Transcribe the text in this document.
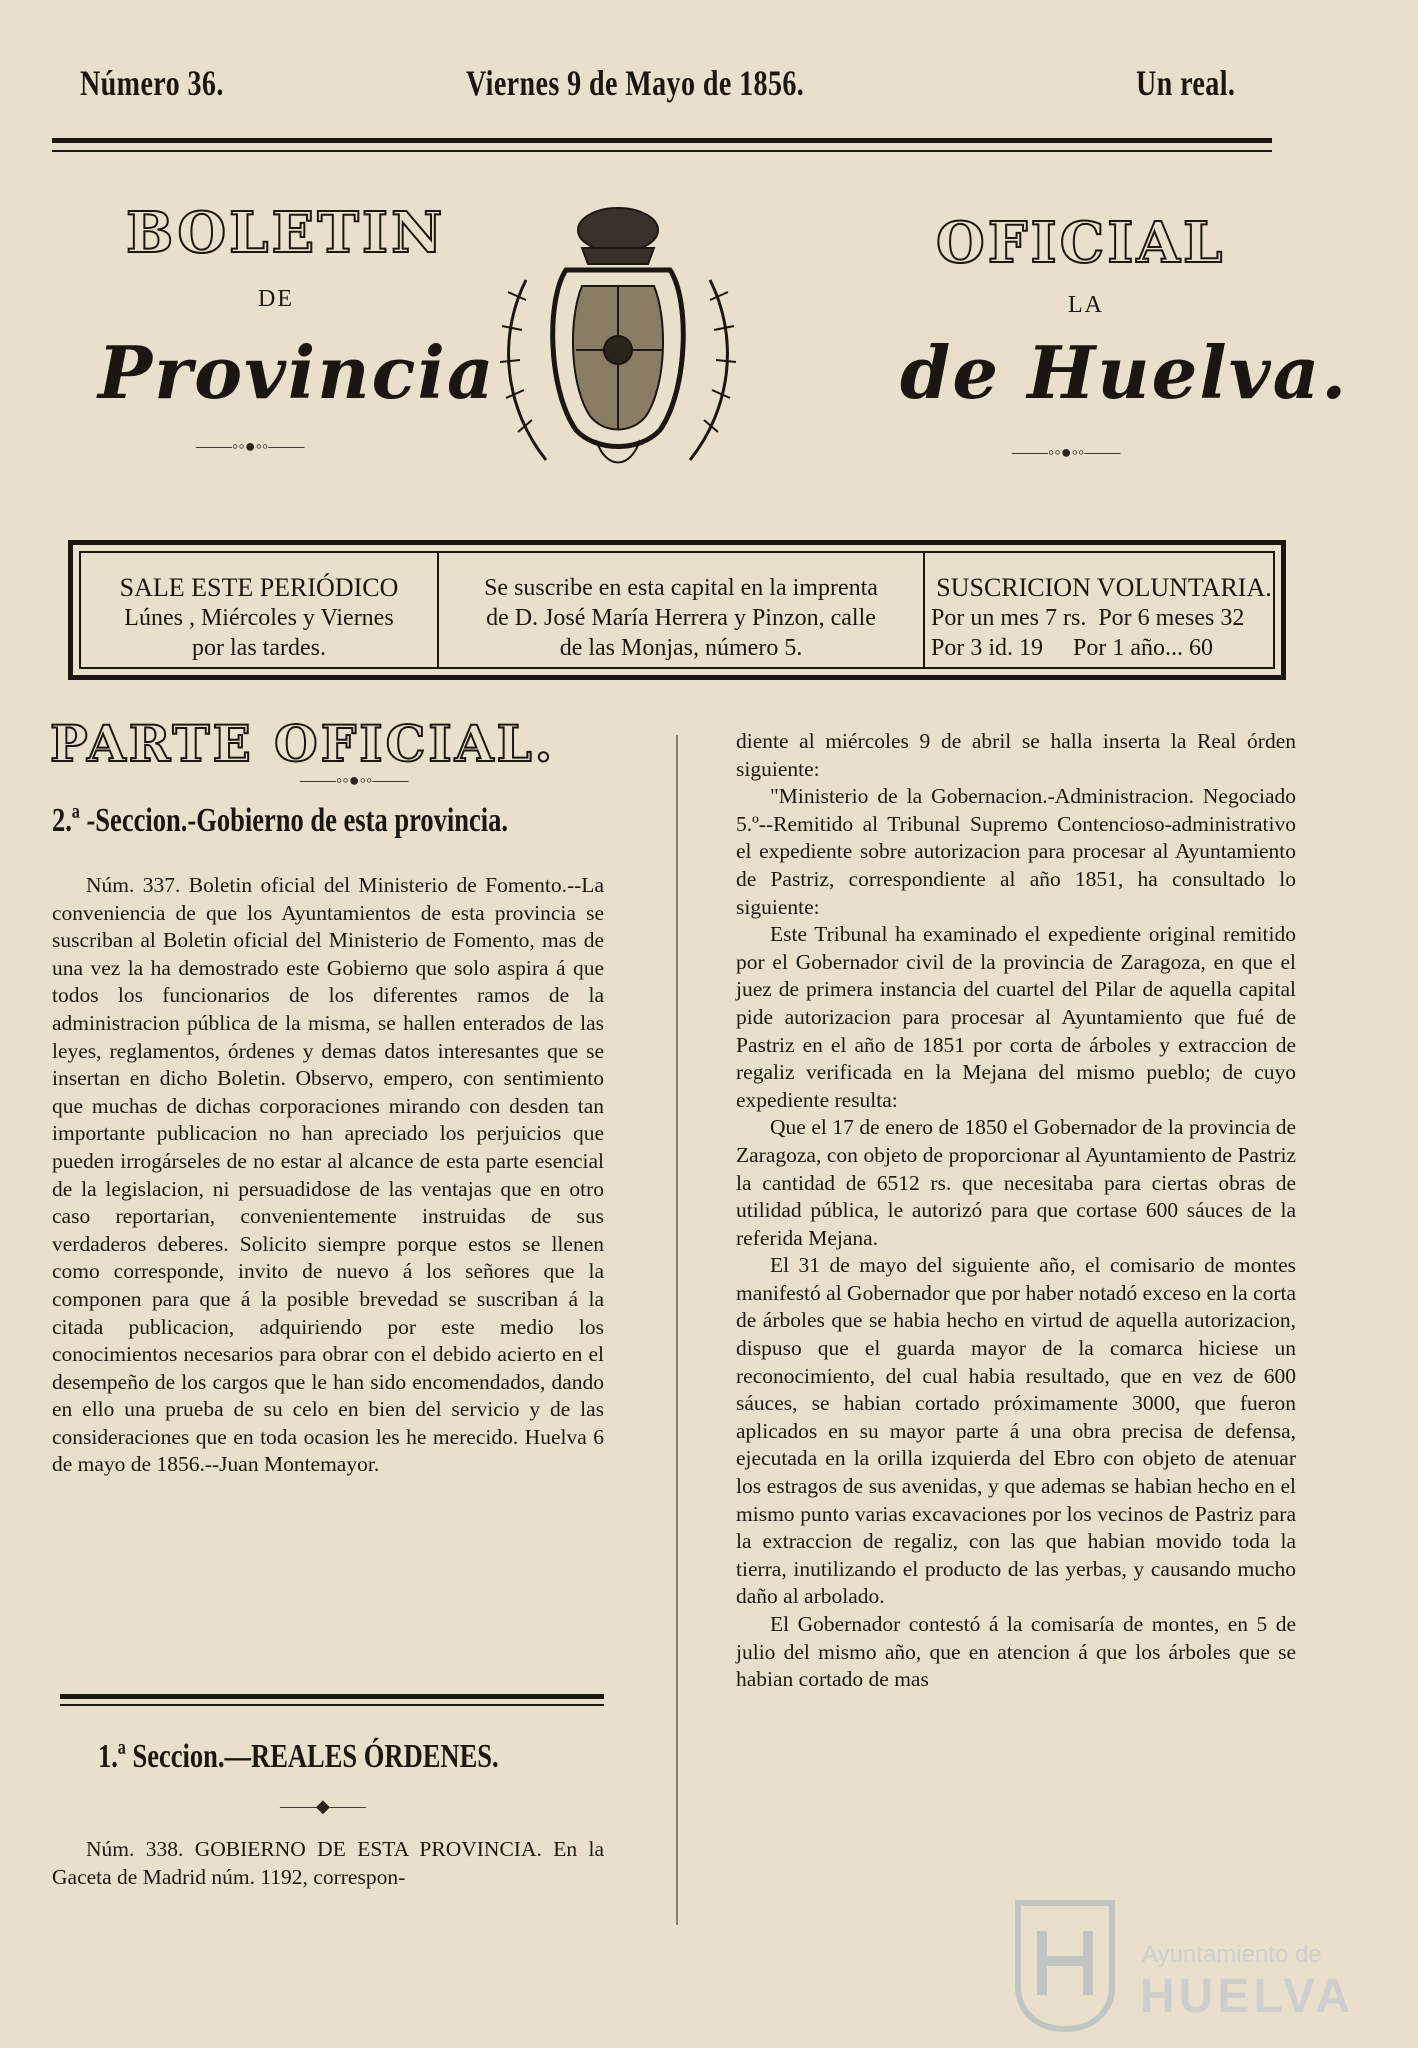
Número 36.	Viernes 9 de Mayo de 1856.	Un real.
BOLETIN	OFICIAL
DE	LA
Provincia	de Huelva.
——◦◦●◦◦——	——◦◦●◦◦——
SALE ESTE PERIÓDICO
Lúnes , Miércoles y Viernes
por las tardes.
Se suscribe en esta capital en la imprenta
de D. José María Herrera y Pinzon, calle
de las Monjas, número 5.
SUSCRICION VOLUNTARIA.
Por un mes 7 rs.  Por 6 meses 32
Por 3 id. 19     Por 1 año... 60
PARTE OFICIAL.
——◦◦●◦◦——
2.ª -Seccion.-Gobierno de esta provincia.

Núm. 337. Boletin oficial del Ministerio de Fomento.--La conveniencia de que los Ayuntamientos de esta provincia se suscriban al Boletin oficial del Ministerio de Fomento, mas de una vez la ha demostrado este Gobierno que solo aspira á que todos los funcionarios de los diferentes ramos de la administracion pública de la misma, se hallen enterados de las leyes, reglamentos, órdenes y demas datos interesantes que se insertan en dicho Boletin. Observo, empero, con sentimiento que muchas de dichas corporaciones mirando con desden tan importante publicacion no han apreciado los perjuicios que pueden irrogárseles de no estar al alcance de esta parte esencial de la legislacion, ni persuadidose de las ventajas que en otro caso reportarian, convenientemente instruidas de sus verdaderos deberes. Solicito siempre porque estos se llenen como corresponde, invito de nuevo á los señores que la componen para que á la posible brevedad se suscriban á la citada publicacion, adquiriendo por este medio los conocimientos necesarios para obrar con el debido acierto en el desempeño de los cargos que le han sido encomendados, dando en ello una prueba de su celo en bien del servicio y de las consideraciones que en toda ocasion les he merecido. Huelva 6 de mayo de 1856.--Juan Montemayor.

1.ª Seccion.—REALES ÓRDENES.
——◆——

Núm. 338. GOBIERNO DE ESTA PROVINCIA. En la Gaceta de Madrid núm. 1192, correspon-

diente al miércoles 9 de abril se halla inserta la Real órden siguiente:

"Ministerio de la Gobernacion.-Administracion. Negociado 5.º--Remitido al Tribunal Supremo Contencioso-administrativo el expediente sobre autorizacion para procesar al Ayuntamiento de Pastriz, correspondiente al año 1851, ha consultado lo siguiente:

Este Tribunal ha examinado el expediente original remitido por el Gobernador civil de la provincia de Zaragoza, en que el juez de primera instancia del cuartel del Pilar de aquella capital pide autorizacion para procesar al Ayuntamiento que fué de Pastriz en el año de 1851 por corta de árboles y extraccion de regaliz verificada en la Mejana del mismo pueblo; de cuyo expediente resulta:

Que el 17 de enero de 1850 el Gobernador de la provincia de Zaragoza, con objeto de proporcionar al Ayuntamiento de Pastriz la cantidad de 6512 rs. que necesitaba para ciertas obras de utilidad pública, le autorizó para que cortase 600 sáuces de la referida Mejana.

El 31 de mayo del siguiente año, el comisario de montes manifestó al Gobernador que por haber notadó exceso en la corta de árboles que se habia hecho en virtud de aquella autorizacion, dispuso que el guarda mayor de la comarca hiciese un reconocimiento, del cual habia resultado, que en vez de 600 sáuces, se habian cortado próximamente 3000, que fueron aplicados en su mayor parte á una obra precisa de defensa, ejecutada en la orilla izquierda del Ebro con objeto de atenuar los estragos de sus avenidas, y que ademas se habian hecho en el mismo punto varias excavaciones por los vecinos de Pastriz para la extraccion de regaliz, con las que habian movido toda la tierra, inutilizando el producto de las yerbas, y causando mucho daño al arbolado.

El Gobernador contestó á la comisaría de montes, en 5 de julio del mismo año, que en atencion á que los árboles que se habian cortado de mas

Ayuntamiento de
HUELVA
